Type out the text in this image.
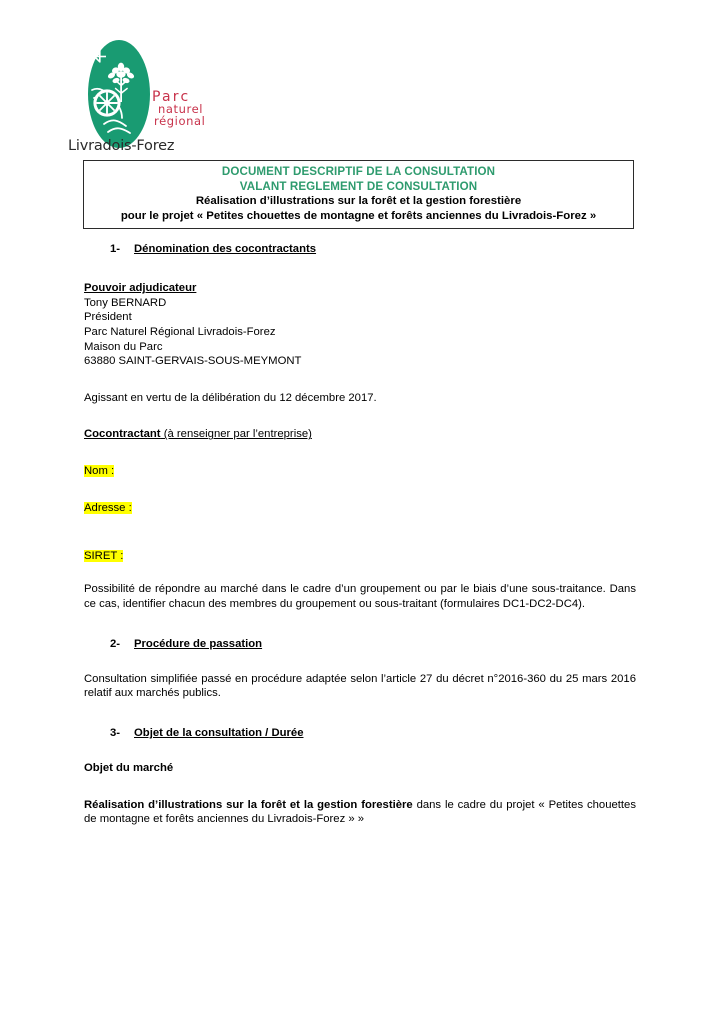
Parc
naturel
régional
Livradois-Forez
DOCUMENT DESCRIPTIF DE LA CONSULTATION
VALANT REGLEMENT DE CONSULTATION
Réalisation d’illustrations sur la forêt et la gestion forestière
pour le projet « Petites chouettes de montagne et forêts anciennes du Livradois-Forez »
1- Dénomination des cocontractants

Pouvoir adjudicateur

Tony BERNARD
Président
Parc Naturel Régional Livradois-Forez
Maison du Parc
63880 SAINT-GERVAIS-SOUS-MEYMONT

Agissant en vertu de la délibération du 12 décembre 2017.

Cocontractant (à renseigner par l’entreprise)

Nom :

Adresse :

SIRET :

Possibilité de répondre au marché dans le cadre d’un groupement ou par le biais d’une sous-traitance. Dans ce cas, identifier chacun des membres du groupement ou sous-traitant (formulaires DC1-DC2-DC4).

2- Procédure de passation

Consultation simplifiée passé en procédure adaptée selon l’article 27 du décret n°2016-360 du 25 mars 2016 relatif aux marchés publics.

3- Objet de la consultation / Durée

Objet du marché

Réalisation d’illustrations sur la forêt et la gestion forestière dans le cadre du projet « Petites chouettes de montagne et forêts anciennes du Livradois-Forez » »
